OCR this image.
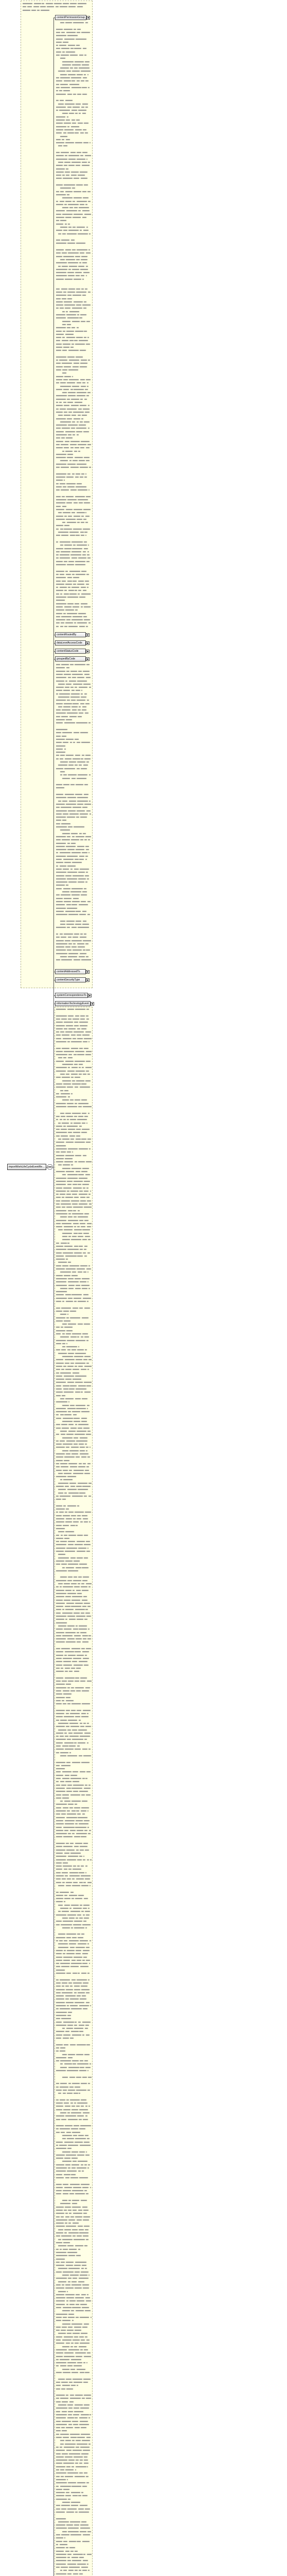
importWorkLifeCycleEventRe…
contentPermissionGroup
contentRoutedBy
dataLevelAccessCode
contentStatusCode
groupedByCode
contentAddressedTo
contentSecurityType
systemCorrespondenceTo
informationTechnologyEvent
